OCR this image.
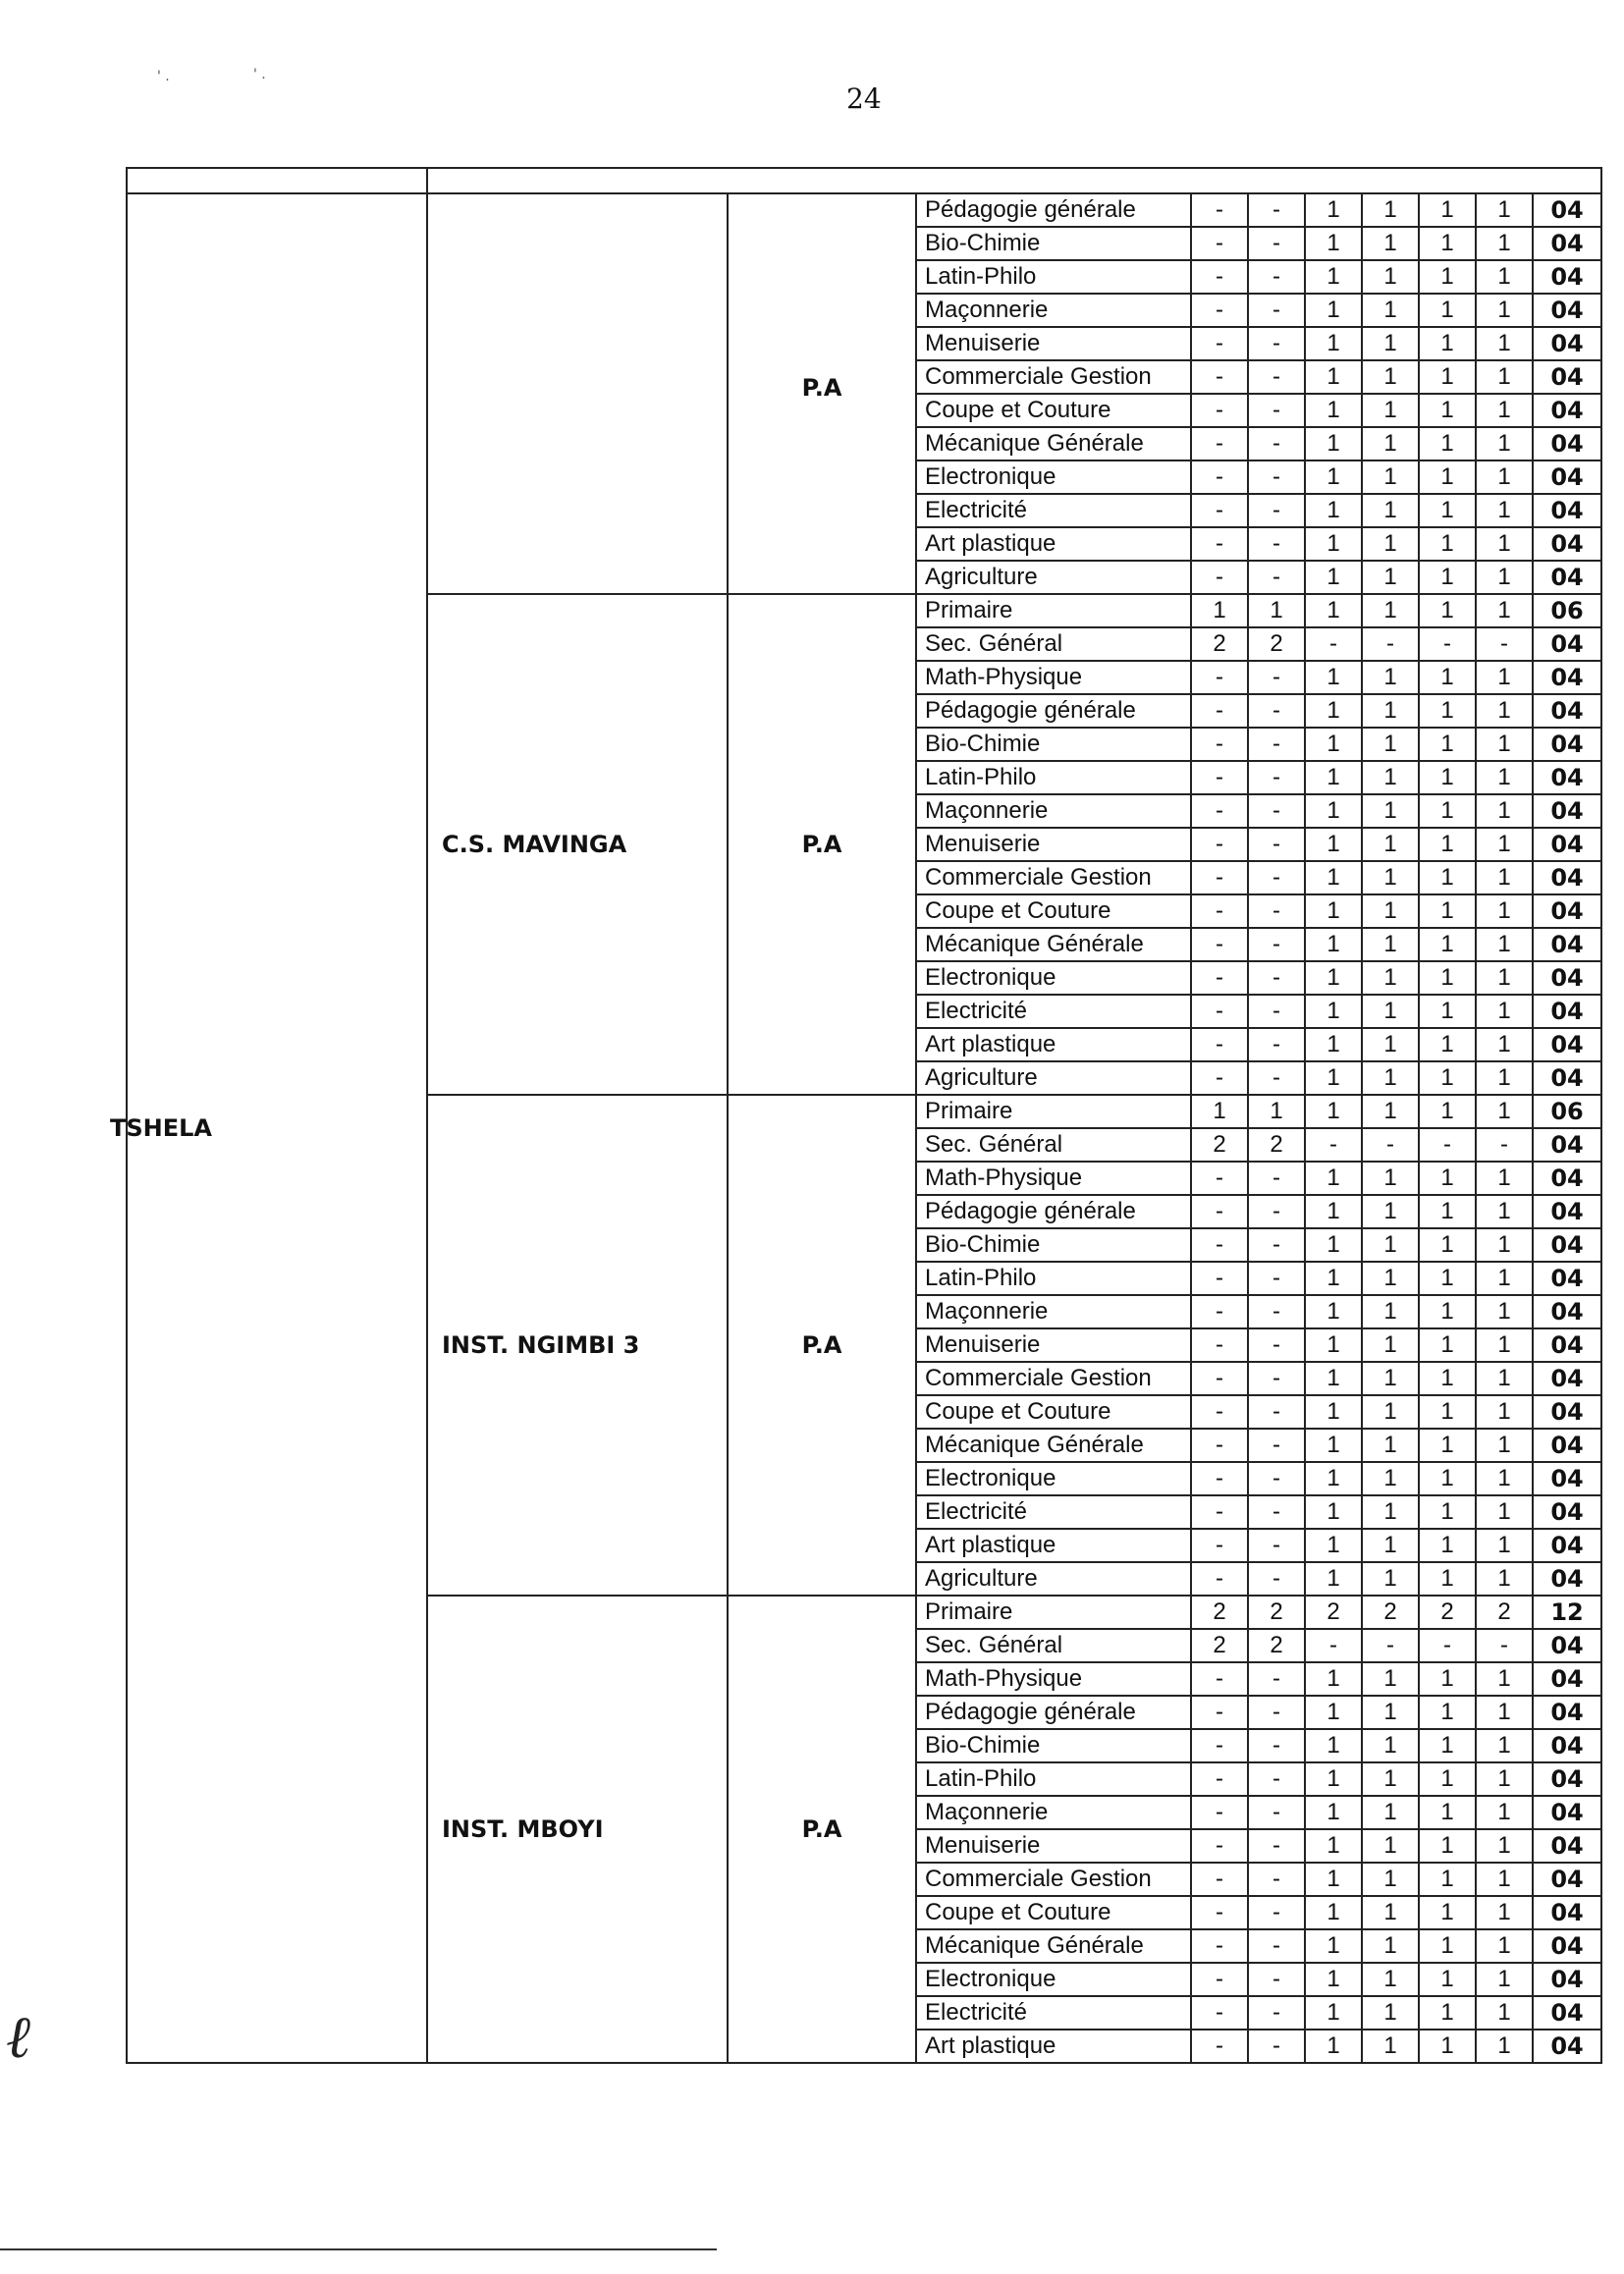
24
' .	' .

TSHELA		P.A	Pédagogie générale	-	-	1	1	1	1	04
			Bio-Chimie	-	-	1	1	1	1	04
			Latin-Philo	-	-	1	1	1	1	04
			Maçonnerie	-	-	1	1	1	1	04
			Menuiserie	-	-	1	1	1	1	04
			Commerciale Gestion	-	-	1	1	1	1	04
			Coupe et Couture	-	-	1	1	1	1	04
			Mécanique Générale	-	-	1	1	1	1	04
			Electronique	-	-	1	1	1	1	04
			Electricité	-	-	1	1	1	1	04
			Art plastique	-	-	1	1	1	1	04
			Agriculture	-	-	1	1	1	1	04
	C.S. MAVINGA	P.A	Primaire	1	1	1	1	1	1	06
			Sec. Général	2	2	-	-	-	-	04
			Math-Physique	-	-	1	1	1	1	04
			Pédagogie générale	-	-	1	1	1	1	04
			Bio-Chimie	-	-	1	1	1	1	04
			Latin-Philo	-	-	1	1	1	1	04
			Maçonnerie	-	-	1	1	1	1	04
			Menuiserie	-	-	1	1	1	1	04
			Commerciale Gestion	-	-	1	1	1	1	04
			Coupe et Couture	-	-	1	1	1	1	04
			Mécanique Générale	-	-	1	1	1	1	04
			Electronique	-	-	1	1	1	1	04
			Electricité	-	-	1	1	1	1	04
			Art plastique	-	-	1	1	1	1	04
			Agriculture	-	-	1	1	1	1	04
	INST. NGIMBI 3	P.A	Primaire	1	1	1	1	1	1	06
			Sec. Général	2	2	-	-	-	-	04
			Math-Physique	-	-	1	1	1	1	04
			Pédagogie générale	-	-	1	1	1	1	04
			Bio-Chimie	-	-	1	1	1	1	04
			Latin-Philo	-	-	1	1	1	1	04
			Maçonnerie	-	-	1	1	1	1	04
			Menuiserie	-	-	1	1	1	1	04
			Commerciale Gestion	-	-	1	1	1	1	04
			Coupe et Couture	-	-	1	1	1	1	04
			Mécanique Générale	-	-	1	1	1	1	04
			Electronique	-	-	1	1	1	1	04
			Electricité	-	-	1	1	1	1	04
			Art plastique	-	-	1	1	1	1	04
			Agriculture	-	-	1	1	1	1	04
	INST. MBOYI	P.A	Primaire	2	2	2	2	2	2	12
			Sec. Général	2	2	-	-	-	-	04
			Math-Physique	-	-	1	1	1	1	04
			Pédagogie générale	-	-	1	1	1	1	04
			Bio-Chimie	-	-	1	1	1	1	04
			Latin-Philo	-	-	1	1	1	1	04
			Maçonnerie	-	-	1	1	1	1	04
			Menuiserie	-	-	1	1	1	1	04
			Commerciale Gestion	-	-	1	1	1	1	04
			Coupe et Couture	-	-	1	1	1	1	04
			Mécanique Générale	-	-	1	1	1	1	04
			Electronique	-	-	1	1	1	1	04
			Electricité	-	-	1	1	1	1	04
			Art plastique	-	-	1	1	1	1	04
ℓ
